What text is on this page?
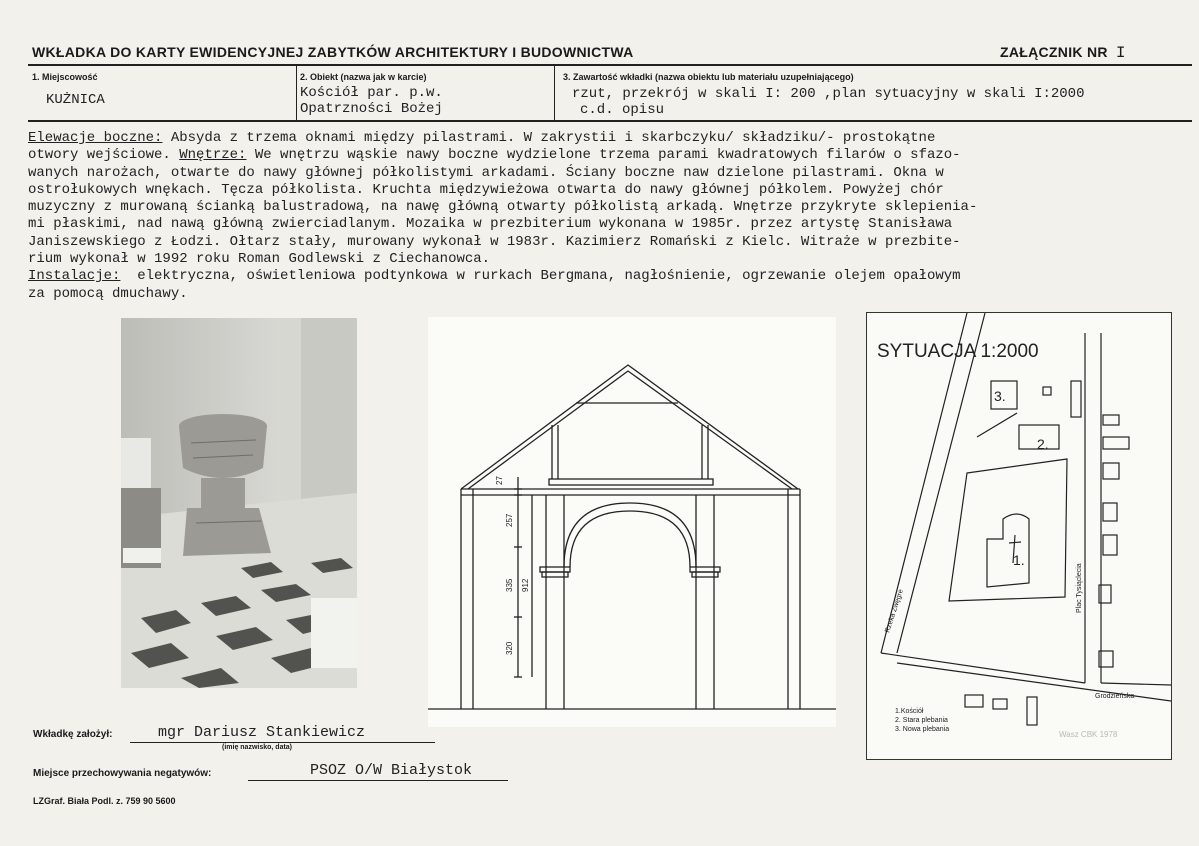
WKŁADKA DO KARTY EWIDENCYJNEJ ZABYTKÓW ARCHITEKTURY I BUDOWNICTWA	ZAŁĄCZNIK NR I
1. Miejscowość
KUŻNICA
2. Obiekt (nazwa jak w karcie)
Kościół par. p.w.
Opatrzności Bożej
3. Zawartość wkładki (nazwa obiektu lub materiału uzupełniającego)
rzut, przekrój w skali I: 200 ,plan sytuacyjny w skali I:2000
c.d. opisu
Elewacje boczne: Absyda z trzema oknami między pilastrami. W zakrystii i skarbczyku/ składziku/- prostokątne
otwory wejściowe. Wnętrze: We wnętrzu wąskie nawy boczne wydzielone trzema parami kwadratowych filarów o sfazo-
wanych narożach, otwarte do nawy głównej półkolistymi arkadami. Ściany boczne naw dzielone pilastrami. Okna w
ostrołukowych wnękach. Tęcza półkolista. Kruchta międzywieżowa otwarta do nawy głównej półkolem. Powyżej chór
muzyczny z murowaną ścianką balustradową, na nawę główną otwarty półkolistą arkadą. Wnętrze przykryte sklepienia-
mi płaskimi, nad nawą główną zwierciadlanym. Mozaika w prezbiterium wykonana w 1985r. przez artystę Stanisława
Janiszewskiego z Łodzi. Ołtarz stały, murowany wykonał w 1983r. Kazimierz Romański z Kielc. Witraże w prezbite-
rium wykonał w 1992 roku Roman Godlewski z Ciechanowca.
Instalacje:  elektryczna, oświetleniowa podtynkowa w rurkach Bergmana, nagłośnienie, ogrzewanie olejem opałowym
za pomocą dmuchawy.
27
257
335 912
320
SYTUACJA 1:2000
3.
2.
1.
Rzeka Zwęgre	Plac Tysiąclecia
Grodzieńska
1.Kościół
2. Stara plebania
3. Nowa plebania
Wasz CBK 1978
Wkładkę założył:	mgr Dariusz Stankiewicz
(imię nazwisko, data)
Miejsce przechowywania negatywów:	PSOZ O/W Białystok
LZGraf. Biała Podl. z. 759 90 5600
